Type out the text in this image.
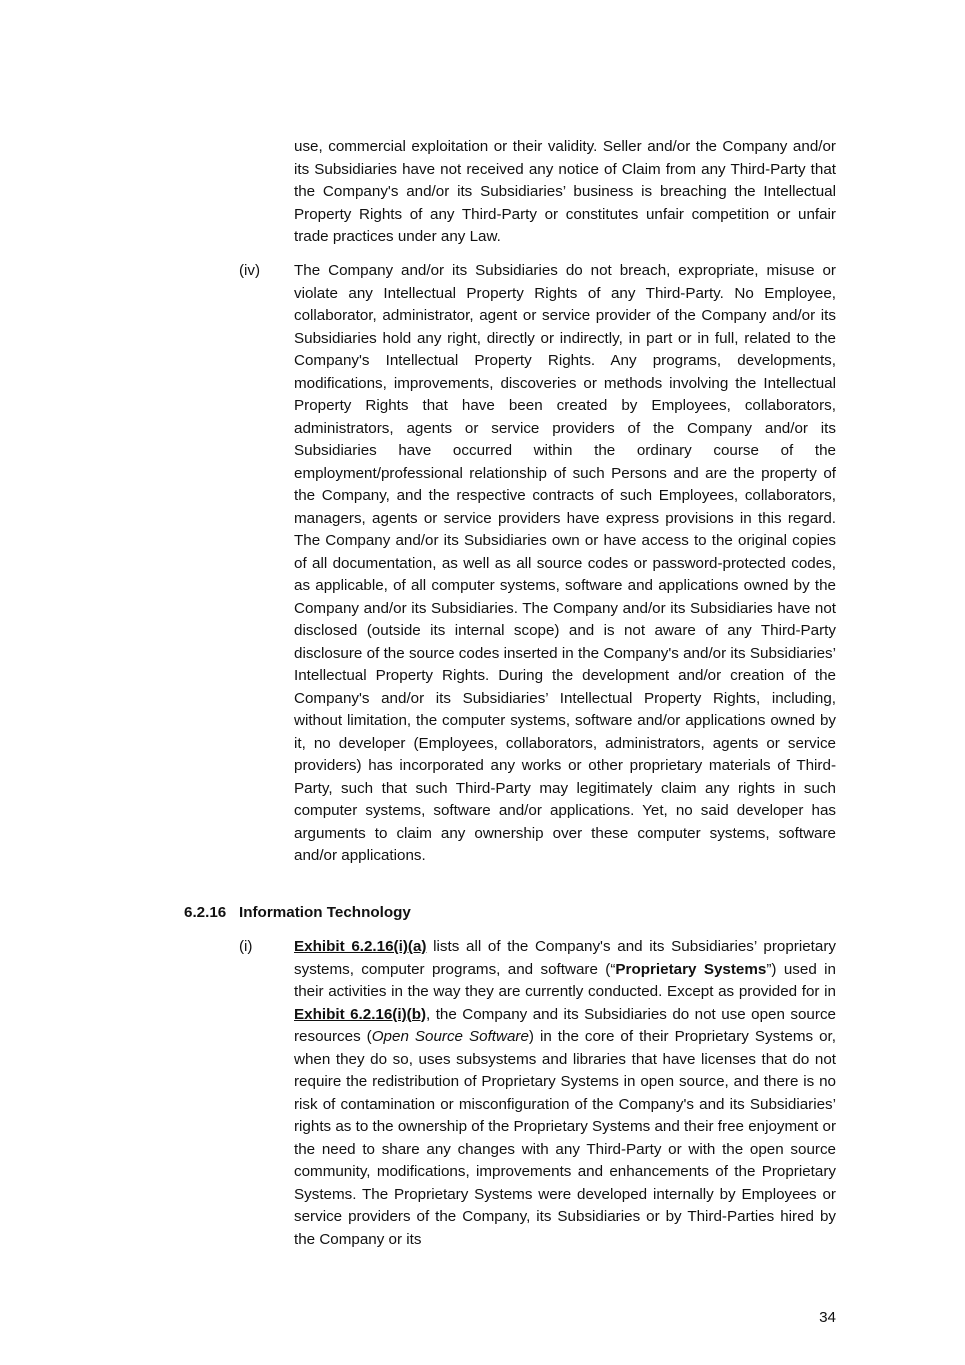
use, commercial exploitation or their validity. Seller and/or the Company and/or its Subsidiaries have not received any notice of Claim from any Third-Party that the Company's and/or its Subsidiaries’ business is breaching the Intellectual Property Rights of any Third-Party or constitutes unfair competition or unfair trade practices under any Law.

(iv) The Company and/or its Subsidiaries do not breach, expropriate, misuse or violate any Intellectual Property Rights of any Third-Party. No Employee, collaborator, administrator, agent or service provider of the Company and/or its Subsidiaries hold any right, directly or indirectly, in part or in full, related to the Company's Intellectual Property Rights. Any programs, developments, modifications, improvements, discoveries or methods involving the Intellectual Property Rights that have been created by Employees, collaborators, administrators, agents or service providers of the Company and/or its Subsidiaries have occurred within the ordinary course of the employment/professional relationship of such Persons and are the property of the Company, and the respective contracts of such Employees, collaborators, managers, agents or service providers have express provisions in this regard. The Company and/or its Subsidiaries own or have access to the original copies of all documentation, as well as all source codes or password-protected codes, as applicable, of all computer systems, software and applications owned by the Company and/or its Subsidiaries. The Company and/or its Subsidiaries have not disclosed (outside its internal scope) and is not aware of any Third-Party disclosure of the source codes inserted in the Company's and/or its Subsidiaries’ Intellectual Property Rights. During the development and/or creation of the Company's and/or its Subsidiaries’ Intellectual Property Rights, including, without limitation, the computer systems, software and/or applications owned by it, no developer (Employees, collaborators, administrators, agents or service providers) has incorporated any works or other proprietary materials of Third-Party, such that such Third-Party may legitimately claim any rights in such computer systems, software and/or applications. Yet, no said developer has arguments to claim any ownership over these computer systems, software and/or applications.

6.2.16 Information Technology
(i)	Exhibit 6.2.16(i)(a) lists all of the Company's and its Subsidiaries’ proprietary systems, computer programs, and software (“Proprietary Systems”) used in their activities in the way they are currently conducted. Except as provided for in Exhibit 6.2.16(i)(b), the Company and its Subsidiaries do not use open source resources (Open Source Software) in the core of their Proprietary Systems or, when they do so, uses subsystems and libraries that have licenses that do not require the redistribution of Proprietary Systems in open source, and there is no risk of contamination or misconfiguration of the Company's and its Subsidiaries’ rights as to the ownership of the Proprietary Systems and their free enjoyment or the need to share any changes with any Third-Party or with the open source community, modifications, improvements and enhancements of the Proprietary Systems. The Proprietary Systems were developed internally by Employees or service providers of the Company, its Subsidiaries or by Third-Parties hired by the Company or its

34
